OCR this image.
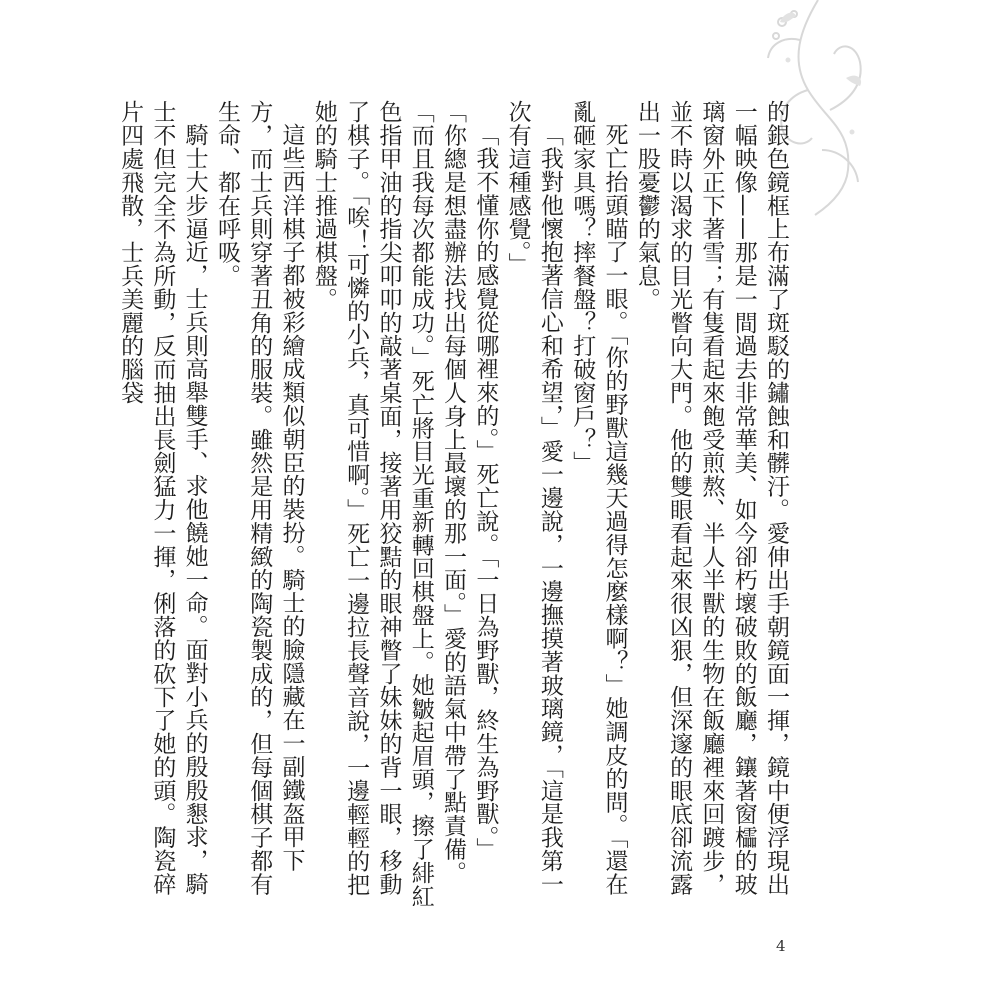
的銀色鏡框上布滿了斑駁的鏽蝕和髒汙。愛伸出手朝鏡面一揮，鏡中便浮現出一幅映像——那是一間過去非常華美、如今卻朽壞破敗的飯廳，鑲著窗櫺的玻璃窗外正下著雪；有隻看起來飽受煎熬、半人半獸的生物在飯廳裡來回踱步，並不時以渴求的目光瞥向大門。他的雙眼看起來很凶狠，但深邃的眼底卻流露出一股憂鬱的氣息。

死亡抬頭瞄了一眼。「你的野獸這幾天過得怎麼樣啊？」她調皮的問。「還在亂砸家具嗎？摔餐盤？打破窗戶？」

「我對他懷抱著信心和希望，」愛一邊說，一邊撫摸著玻璃鏡，「這是我第一次有這種感覺。」

「我不懂你的感覺從哪裡來的。」死亡說。「一日為野獸，終生為野獸。」

「你總是想盡辦法找出每個人身上最壞的那一面。」愛的語氣中帶了點責備。

「而且我每次都能成功。」死亡將目光重新轉回棋盤上。她皺起眉頭，擦了緋紅色指甲油的指尖叩叩的敲著桌面，接著用狡黠的眼神瞥了妹妹的背一眼，移動了棋子。「唉！可憐的小兵，真可惜啊。」死亡一邊拉長聲音說，一邊輕輕的把她的騎士推過棋盤。

這些西洋棋子都被彩繪成類似朝臣的裝扮。騎士的臉隱藏在一副鐵盔甲下方，而士兵則穿著丑角的服裝。雖然是用精緻的陶瓷製成的，但每個棋子都有生命、都在呼吸。

騎士大步逼近，士兵則高舉雙手、求他饒她一命。面對小兵的殷殷懇求，騎士不但完全不為所動，反而抽出長劍猛力一揮，俐落的砍下了她的頭。陶瓷碎片四處飛散，士兵美麗的腦袋

4
